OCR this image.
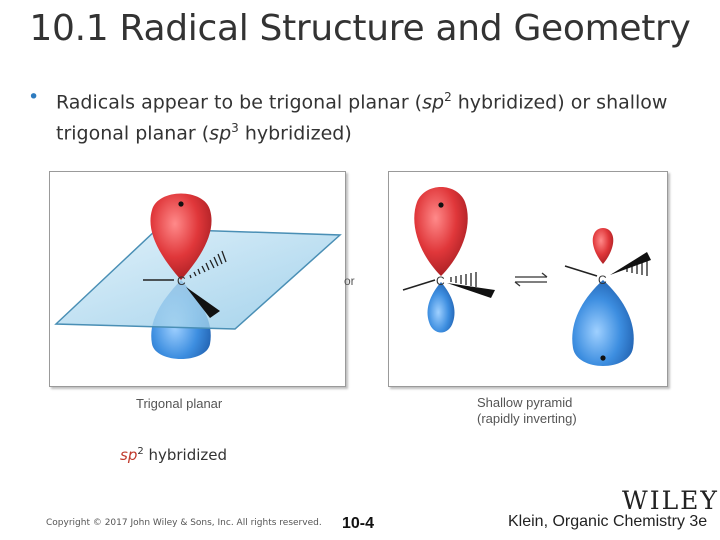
10.1 Radical Structure and Geometry
• Radicals appear to be trigonal planar ($sp^2$ hybridized) or shallow trigonal planar ($sp^3$ hybridized)
C	or	C	C
Trigonal planar	Shallow pyramid
(rapidly inverting)
$sp^2$ hybridized
Copyright © 2017 John Wiley & Sons, Inc. All rights reserved. 10-4
WILEY
Klein, Organic Chemistry 3e
